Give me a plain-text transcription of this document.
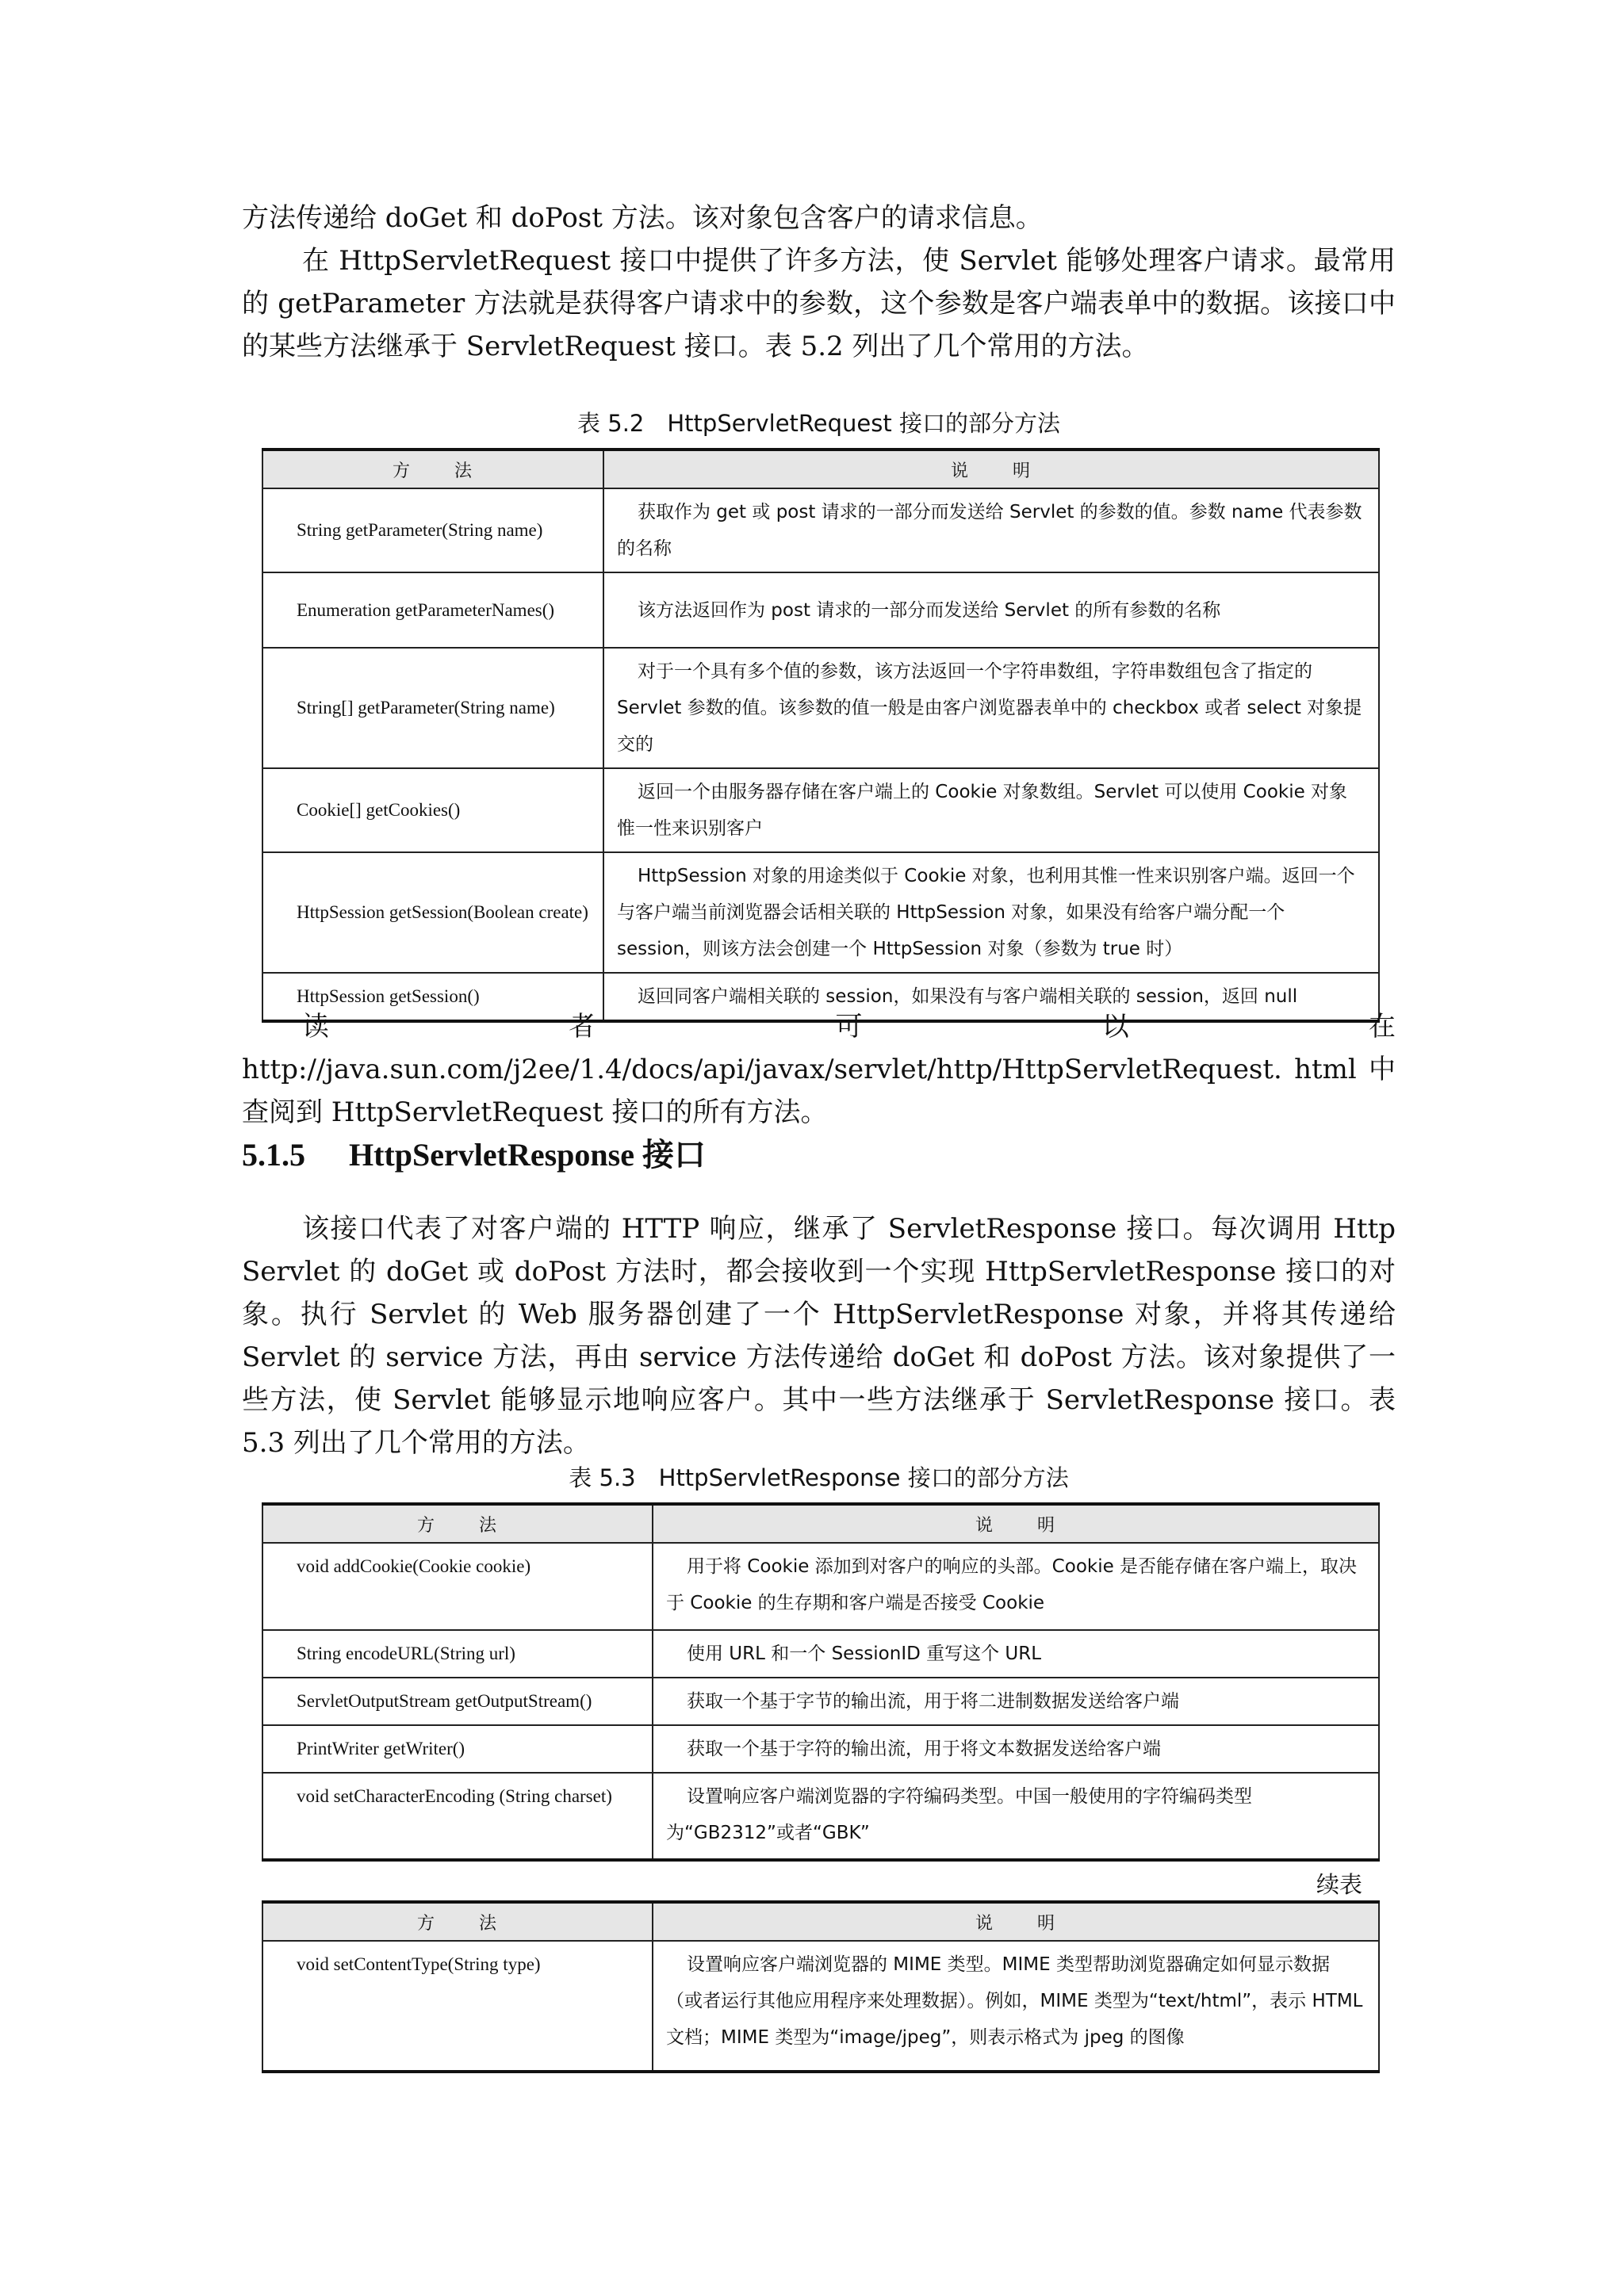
方法传递给 doGet 和 doPost 方法。该对象包含客户的请求信息。

在 HttpServletRequest 接口中提供了许多方法，使 Servlet 能够处理客户请求。最常用的 getParameter 方法就是获得客户请求中的参数，这个参数是客户端表单中的数据。该接口中的某些方法继承于 ServletRequest 接口。表 5.2 列出了几个常用的方法。

表 5.2　HttpServletRequest 接口的部分方法
方 法	说 明

String getParameter(String name)	获取作为 get 或 post 请求的一部分而发送给 Servlet 的参数的值。参数 name 代表参数的名称

Enumeration getParameterNames()	该方法返回作为 post 请求的一部分而发送给 Servlet 的所有参数的名称

String[] getParameter(String name)	对于一个具有多个值的参数，该方法返回一个字符串数组，字符串数组包含了指定的 Servlet 参数的值。该参数的值一般是由客户浏览器表单中的 checkbox 或者 select 对象提交的

Cookie[] getCookies()	返回一个由服务器存储在客户端上的 Cookie 对象数组。Servlet 可以使用 Cookie 对象惟一性来识别客户

HttpSession getSession(Boolean create)	HttpSession 对象的用途类似于 Cookie 对象，也利用其惟一性来识别客户端。返回一个与客户端当前浏览器会话相关联的 HttpSession 对象，如果没有给客户端分配一个 session，则该方法会创建一个 HttpSession 对象（参数为 true 时）

HttpSession getSession()	返回同客户端相关联的 session，如果没有与客户端相关联的 session，返回 null

读者可以在 http://java.sun.com/j2ee/1.4/docs/api/javax/servlet/http/HttpServletRequest. html 中查阅到 HttpServletRequest 接口的所有方法。

5.1.5 HttpServletResponse 接口

该接口代表了对客户端的 HTTP 响应，继承了 ServletResponse 接口。每次调用 Http Servlet 的 doGet 或 doPost 方法时，都会接收到一个实现 HttpServletResponse 接口的对象。执行 Servlet 的 Web 服务器创建了一个 HttpServletResponse 对象，并将其传递给 Servlet 的 service 方法，再由 service 方法传递给 doGet 和 doPost 方法。该对象提供了一些方法，使 Servlet 能够显示地响应客户。其中一些方法继承于 ServletResponse 接口。表 5.3 列出了几个常用的方法。

表 5.3　HttpServletResponse 接口的部分方法
方 法	说 明

void addCookie(Cookie cookie)	用于将 Cookie 添加到对客户的响应的头部。Cookie 是否能存储在客户端上，取决于 Cookie 的生存期和客户端是否接受 Cookie

String encodeURL(String url)	使用 URL 和一个 SessionID 重写这个 URL

ServletOutputStream getOutputStream()	获取一个基于字节的输出流，用于将二进制数据发送给客户端

PrintWriter getWriter()	获取一个基于字符的输出流，用于将文本数据发送给客户端

void setCharacterEncoding (String charset)	设置响应客户端浏览器的字符编码类型。中国一般使用的字符编码类型为“GB2312”或者“GBK”
续表
方 法	说 明

void setContentType(String type)	设置响应客户端浏览器的 MIME 类型。MIME 类型帮助浏览器确定如何显示数据（或者运行其他应用程序来处理数据）。例如，MIME 类型为“text/html”，表示 HTML 文档；MIME 类型为“image/jpeg”，则表示格式为 jpeg 的图像
